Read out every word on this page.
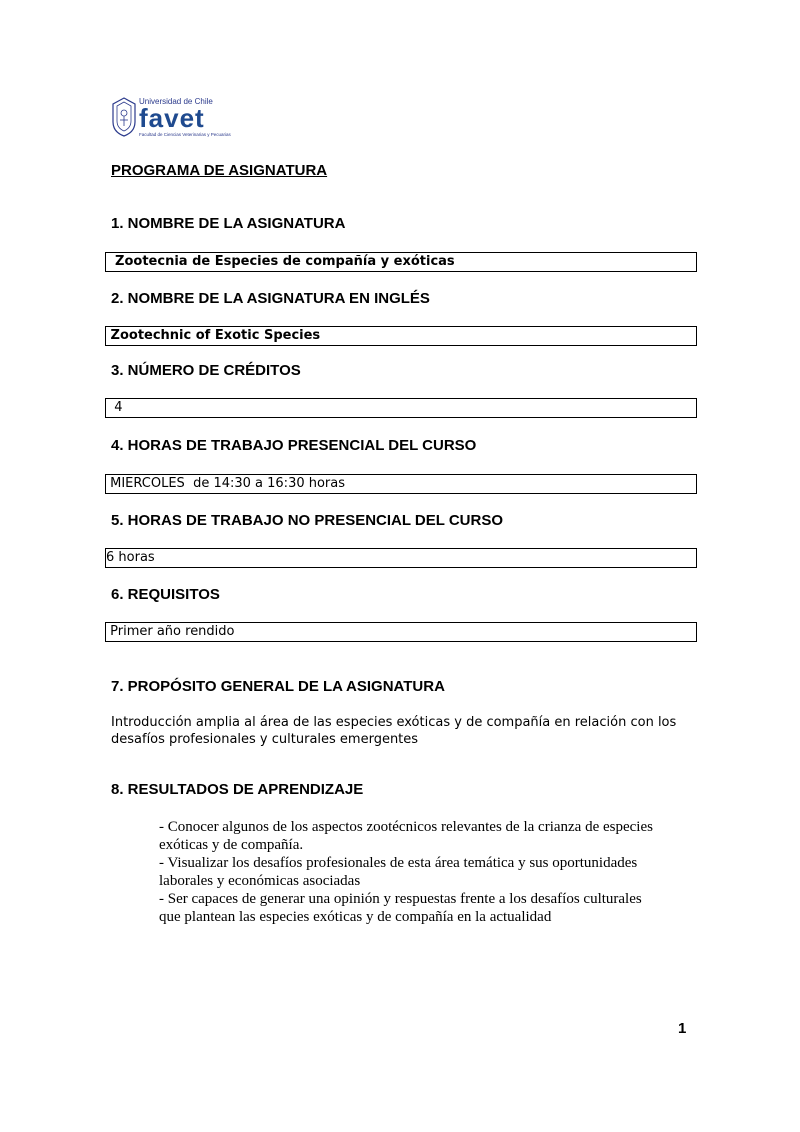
Universidad de Chile
favet
Facultad de Ciencias Veterinarias y Pecuarias
PROGRAMA DE ASIGNATURA
1. NOMBRE DE LA ASIGNATURA
Zootecnia de Especies de compañía y exóticas
2. NOMBRE DE LA ASIGNATURA EN INGLÉS
Zootechnic of Exotic Species
3. NÚMERO DE CRÉDITOS
4
4. HORAS DE TRABAJO PRESENCIAL DEL CURSO
MIERCOLES  de 14:30 a 16:30 horas
5. HORAS DE TRABAJO NO PRESENCIAL DEL CURSO
6 horas
6. REQUISITOS
Primer año rendido
7. PROPÓSITO GENERAL DE LA ASIGNATURA

Introducción amplia al área de las especies exóticas y de compañía en relación con los
desafíos profesionales y culturales emergentes

8. RESULTADOS DE APRENDIZAJE
- Conocer algunos de los aspectos zootécnicos relevantes de la crianza de especies
exóticas y de compañía.
- Visualizar los desafíos profesionales de esta área temática y sus oportunidades
laborales y económicas asociadas
- Ser capaces de generar una opinión y respuestas frente a los desafíos culturales
que plantean las especies exóticas y de compañía en la actualidad
1
